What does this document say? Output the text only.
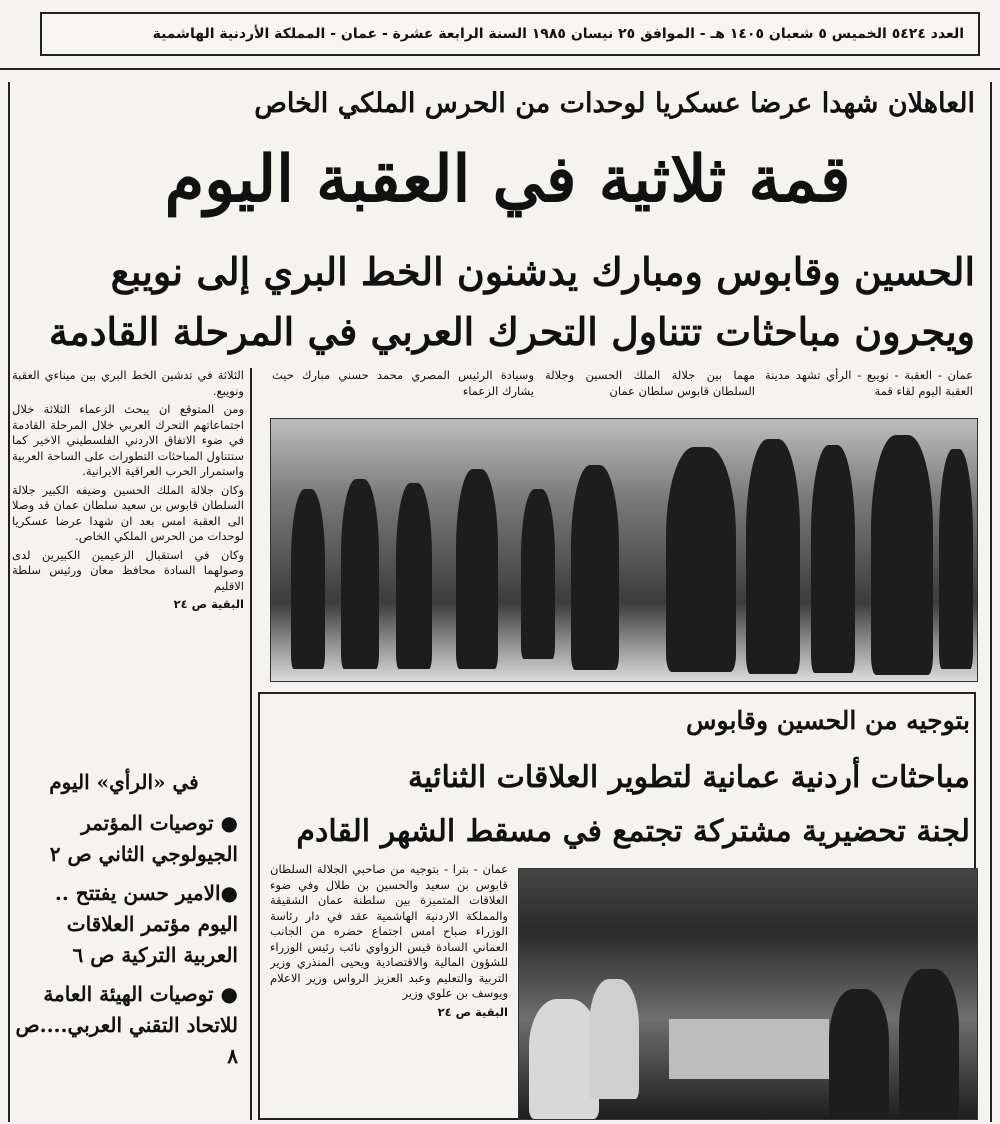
العدد ٥٤٢٤ الخميس ٥ شعبان ١٤٠٥ هـ - الموافق ٢٥ نيسان ١٩٨٥ السنة الرابعة عشرة - عمان - المملكة الأردنية الهاشمية
العاهلان شهدا عرضا عسكريا لوحدات من الحرس الملكي الخاص
قمة ثلاثية في العقبة اليوم
الحسين وقابوس ومبارك يدشنون الخط البري إلى نويبع
ويجرون مباحثات تتناول التحرك العربي في المرحلة القادمة
عمان - العقبة - نويبع - الرأي تشهد مدينة العقبة اليوم لقاء قمة
مهما بين جلالة الملك الحسين وجلالة السلطان قابوس سلطان عمان
وسيادة الرئيس المصري محمد حسني مبارك حيث يشارك الزعماء

الثلاثة في تدشين الخط البري بين ميناءي العقبة ونويبع.

ومن المتوقع ان يبحث الزعماء الثلاثة خلال اجتماعاتهم التحرك العربي خلال المرحلة القادمة في ضوء الاتفاق الاردني الفلسطيني الاخير كما ستتناول المباحثات التطورات على الساحة العربية واستمرار الحرب العراقية الايرانية.

وكان جلالة الملك الحسين وضيفه الكبير جلالة السلطان قابوس بن سعيد سلطان عمان قد وصلا الى العقبة امس بعد ان شهدا عرضا عسكريا لوحدات من الحرس الملكي الخاص.

وكان في استقبال الزعيمين الكبيرين لدى وصولهما السادة محافظ معان ورئيس سلطة الاقليم

البقية ص ٢٤

بتوجيه من الحسين وقابوس
مباحثات أردنية عمانية لتطوير العلاقات الثنائية
لجنة تحضيرية مشتركة تجتمع في مسقط الشهر القادم

عمان - بترا - بتوجيه من صاحبي الجلالة السلطان قابوس بن سعيد والحسين بن طلال وفي ضوء العلاقات المتميزة بين سلطنة عمان الشقيقة والمملكة الاردنية الهاشمية عقد في دار رئاسة الوزراء صباح امس اجتماع حضره من الجانب العماني السادة قيس الزواوي نائب رئيس الوزراء للشؤون المالية والاقتصادية ويحيى المنذري وزير التربية والتعليم وعبد العزيز الرواس وزير الاعلام ويوسف بن علوي وزير

البقية ص ٢٤

في «الرأي» اليوم
● توصيات المؤتمر الجيولوجي الثاني ص ٢
●الامير حسن يفتتح .. اليوم مؤتمر العلاقات العربية التركية ص ٦
● توصيات الهيئة العامة للاتحاد التقني العربي....ص ٨
